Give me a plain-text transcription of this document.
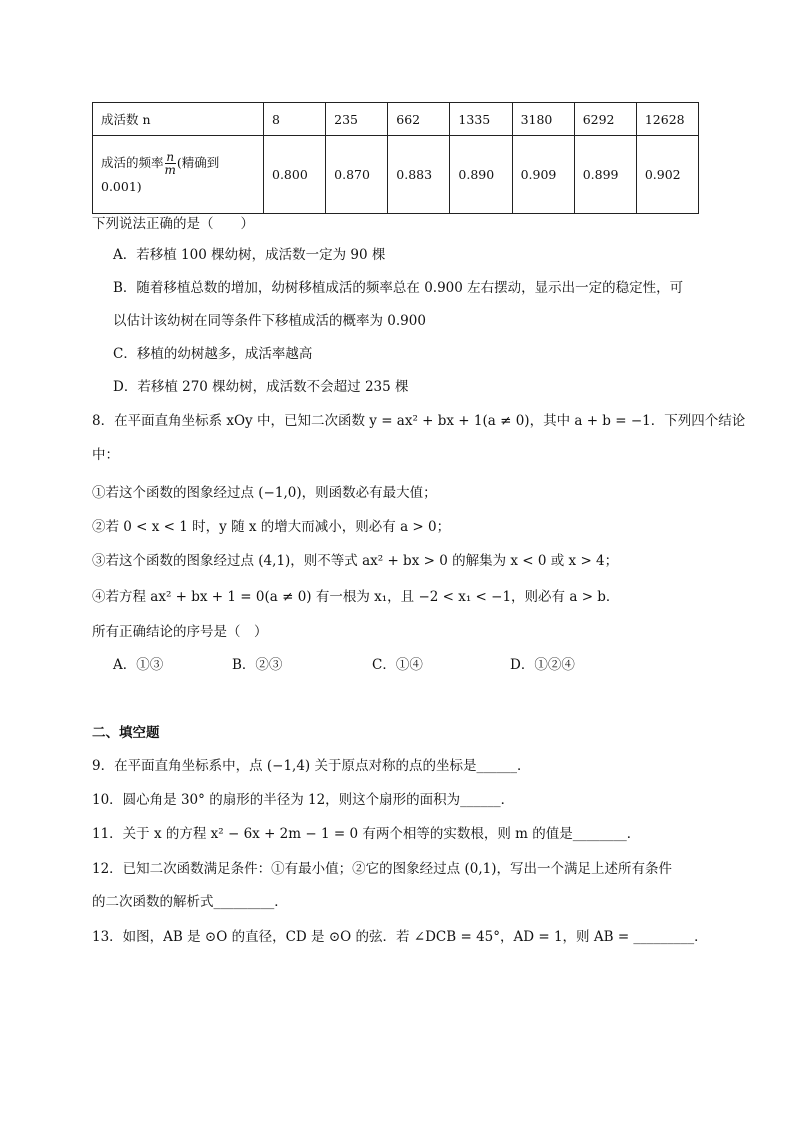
成活数 n	8	235	662	1335	3180	6292	12628
成活的频率 $\frac{n}{m}$ (精确到
0.001)	0.800	0.870	0.883	0.890	0.909	0.899	0.902
下列说法正确的是（　　）
A．若移植 100 棵幼树，成活数一定为 90 棵
B．随着移植总数的增加，幼树移植成活的频率总在 0.900 左右摆动，显示出一定的稳定性，可
以估计该幼树在同等条件下移植成活的概率为 0.900
C．移植的幼树越多，成活率越高
D．若移植 270 棵幼树，成活数不会超过 235 棵
8．在平面直角坐标系 xOy 中，已知二次函数 y = ax² + bx + 1(a ≠ 0)，其中 a + b = −1．下列四个结论
中：
①若这个函数的图象经过点 (−1,0)，则函数必有最大值；
②若 0 < x < 1 时，y 随 x 的增大而减小，则必有 a > 0；
③若这个函数的图象经过点 (4,1)，则不等式 ax² + bx > 0 的解集为 x < 0 或 x > 4；
④若方程 ax² + bx + 1 = 0(a ≠ 0) 有一根为 x₁，且 −2 < x₁ < −1，则必有 a > b．
所有正确结论的序号是（　）
A．①③	B．②③	C．①④	D．①②④
二、填空题
9．在平面直角坐标系中，点 (−1,4) 关于原点对称的点的坐标是______．
10．圆心角是 30° 的扇形的半径为 12，则这个扇形的面积为______．
11．关于 x 的方程 x² − 6x + 2m − 1 = 0 有两个相等的实数根，则 m 的值是________．
12．已知二次函数满足条件：①有最小值；②它的图象经过点 (0,1)，写出一个满足上述所有条件
的二次函数的解析式_________．
13．如图，AB 是 ⊙O 的直径，CD 是 ⊙O 的弦．若 ∠DCB = 45°，AD = 1，则 AB = _________．
